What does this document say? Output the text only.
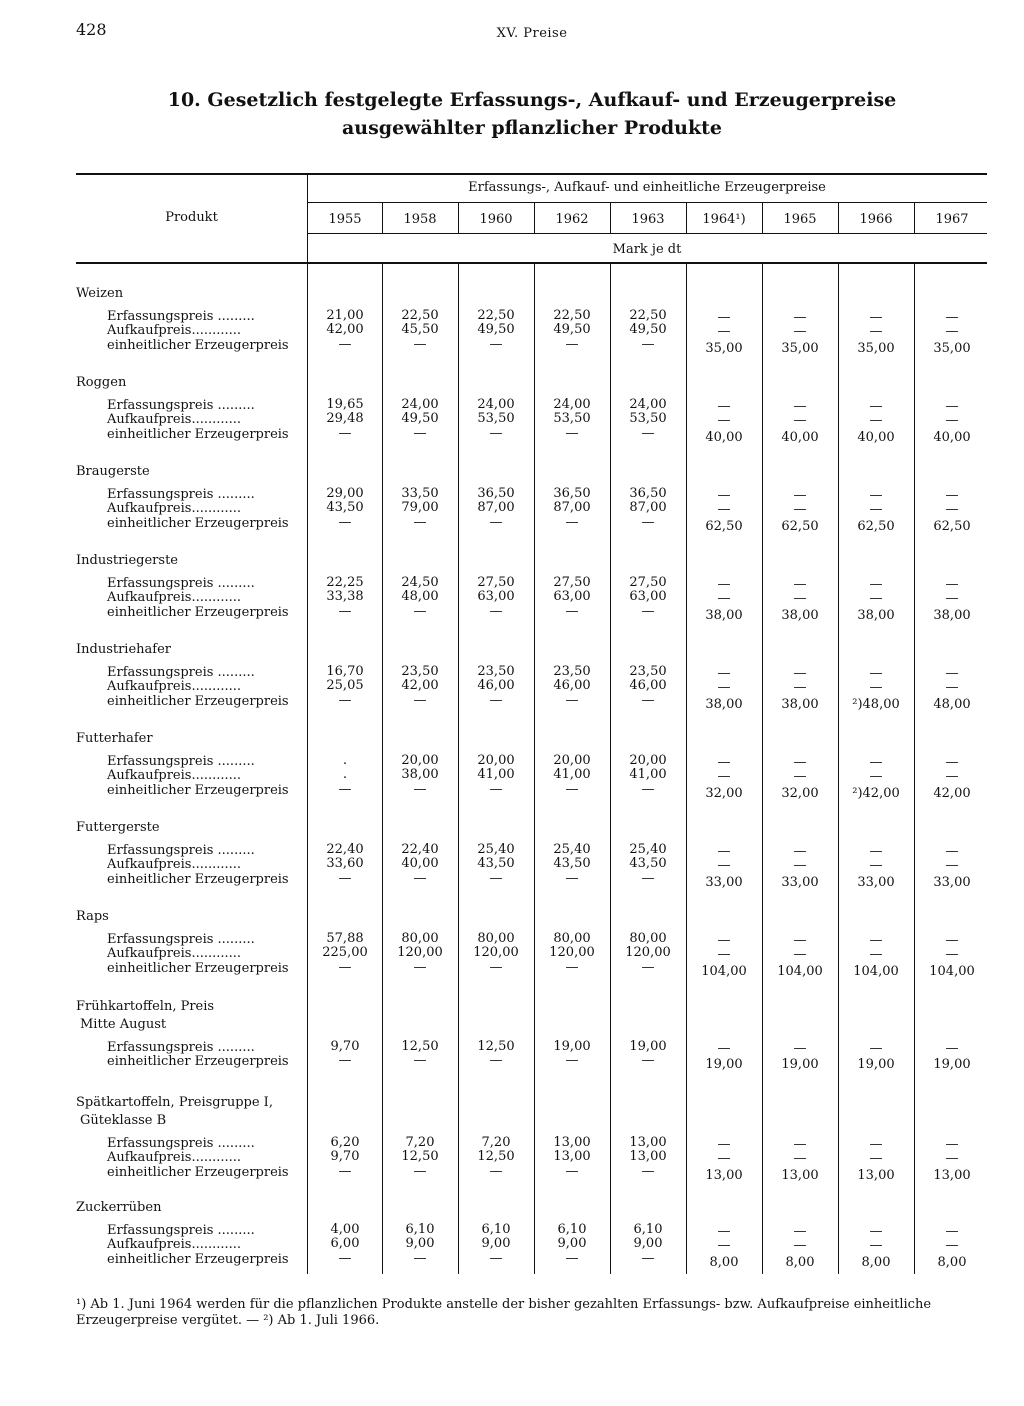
428	XV. Preise
10. Gesetzlich festgelegte Erfassungs-, Aufkauf- und Erzeugerpreise
ausgewählter pflanzlicher Produkte
Produkt
Erfassungs-, Aufkauf- und einheitliche Erzeugerpreise
Mark je dt
1955	1958	1960	1962	1963	1964¹)	1965	1966	1967
Weizen
Erfassungspreis .........	21,00	22,50	22,50	22,50	22,50	—	—	—	—
Aufkaufpreis............	42,00	45,50	49,50	49,50	49,50	—	—	—	—
einheitlicher Erzeugerpreis	—	—	—	—	—	35,00	35,00	35,00	35,00
Roggen
Erfassungspreis .........	19,65	24,00	24,00	24,00	24,00	—	—	—	—
Aufkaufpreis............	29,48	49,50	53,50	53,50	53,50	—	—	—	—
einheitlicher Erzeugerpreis	—	—	—	—	—	40,00	40,00	40,00	40,00
Braugerste
Erfassungspreis .........	29,00	33,50	36,50	36,50	36,50	—	—	—	—
Aufkaufpreis............	43,50	79,00	87,00	87,00	87,00	—	—	—	—
einheitlicher Erzeugerpreis	—	—	—	—	—	62,50	62,50	62,50	62,50
Industriegerste
Erfassungspreis .........	22,25	24,50	27,50	27,50	27,50	—	—	—	—
Aufkaufpreis............	33,38	48,00	63,00	63,00	63,00	—	—	—	—
einheitlicher Erzeugerpreis	—	—	—	—	—	38,00	38,00	38,00	38,00
Industriehafer
Erfassungspreis .........	16,70	23,50	23,50	23,50	23,50	—	—	—	—
Aufkaufpreis............	25,05	42,00	46,00	46,00	46,00	—	—	—	—
einheitlicher Erzeugerpreis	—	—	—	—	—	38,00	38,00	²)48,00	48,00
Futterhafer
Erfassungspreis .........	.	20,00	20,00	20,00	20,00	—	—	—	—
Aufkaufpreis............	.	38,00	41,00	41,00	41,00	—	—	—	—
einheitlicher Erzeugerpreis	—	—	—	—	—	32,00	32,00	²)42,00	42,00
Futtergerste
Erfassungspreis .........	22,40	22,40	25,40	25,40	25,40	—	—	—	—
Aufkaufpreis............	33,60	40,00	43,50	43,50	43,50	—	—	—	—
einheitlicher Erzeugerpreis	—	—	—	—	—	33,00	33,00	33,00	33,00
Raps
Erfassungspreis .........	57,88	80,00	80,00	80,00	80,00	—	—	—	—
Aufkaufpreis............	225,00	120,00	120,00	120,00	120,00	—	—	—	—
einheitlicher Erzeugerpreis	—	—	—	—	—	104,00	104,00	104,00	104,00
Frühkartoffeln, Preis
Mitte August
Erfassungspreis .........	9,70	12,50	12,50	19,00	19,00	—	—	—	—
einheitlicher Erzeugerpreis	—	—	—	—	—	19,00	19,00	19,00	19,00
Spätkartoffeln, Preisgruppe I,
Güteklasse B
Erfassungspreis .........	6,20	7,20	7,20	13,00	13,00	—	—	—	—
Aufkaufpreis............	9,70	12,50	12,50	13,00	13,00	—	—	—	—
einheitlicher Erzeugerpreis	—	—	—	—	—	13,00	13,00	13,00	13,00
Zuckerrüben
Erfassungspreis .........	4,00	6,10	6,10	6,10	6,10	—	—	—	—
Aufkaufpreis............	6,00	9,00	9,00	9,00	9,00	—	—	—	—
einheitlicher Erzeugerpreis	—	—	—	—	—	8,00	8,00	8,00	8,00
¹) Ab 1. Juni 1964 werden für die pflanzlichen Produkte anstelle der bisher gezahlten Erfassungs- bzw. Aufkaufpreise einheitliche
Erzeugerpreise vergütet. — ²) Ab 1. Juli 1966.
